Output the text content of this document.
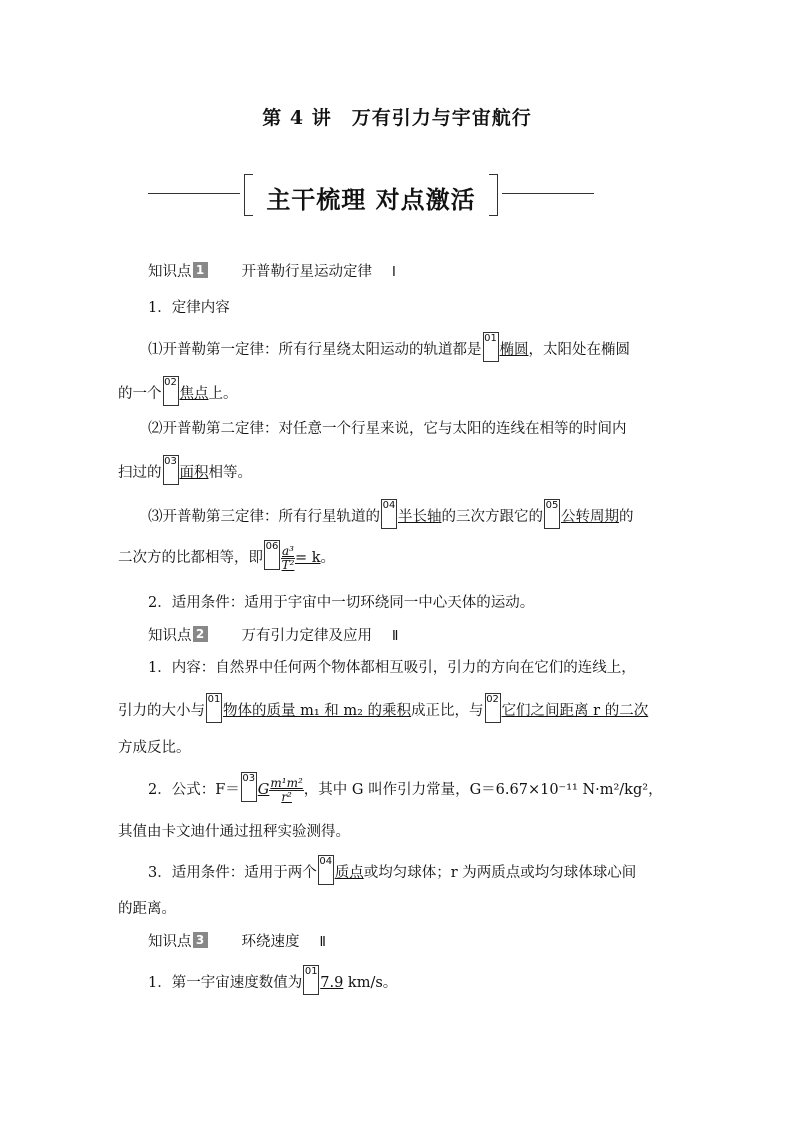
第 4 讲　万有引力与宇宙航行
主干梳理 对点激活
知识点 1	开普勒行星运动定律 Ⅰ
1．定律内容
⑴开普勒第一定律：所有行星绕太阳运动的轨道都是
01
椭圆，太阳处在椭圆
的一个
02
焦点上。
⑵开普勒第二定律：对任意一个行星来说，它与太阳的连线在相等的时间内
扫过的
03
面积相等。
⑶开普勒第三定律：所有行星轨道的
04
半长轴的三次方跟它的
05
公转周期的
二次方的比都相等，即
$06 \frac{\text{a³}}{\text{T²}} = k$。
2．适用条件：适用于宇宙中一切环绕同一中心天体的运动。
知识点 2	万有引力定律及应用 Ⅱ
1．内容：自然界中任何两个物体都相互吸引，引力的方向在它们的连线上，
引力的大小与
01
物体的质量 m₁ 和 m₂ 的乘积成正比，与
02
它们之间距离 r 的二次
方成反比。
2．公式：F＝
03
G $\frac{\text{m¹m²}}{\text{r²}}$ ，其中 G 叫作引力常量，G＝6.67×10⁻¹¹ N·m²/kg²，
其值由卡文迪什通过扭秤实验测得。
3．适用条件：适用于两个
04
质点或均匀球体；r 为两质点或均匀球体球心间
的距离。
知识点 3	环绕速度 Ⅱ
1．第一宇宙速度数值为
01
7.9 km/s。
